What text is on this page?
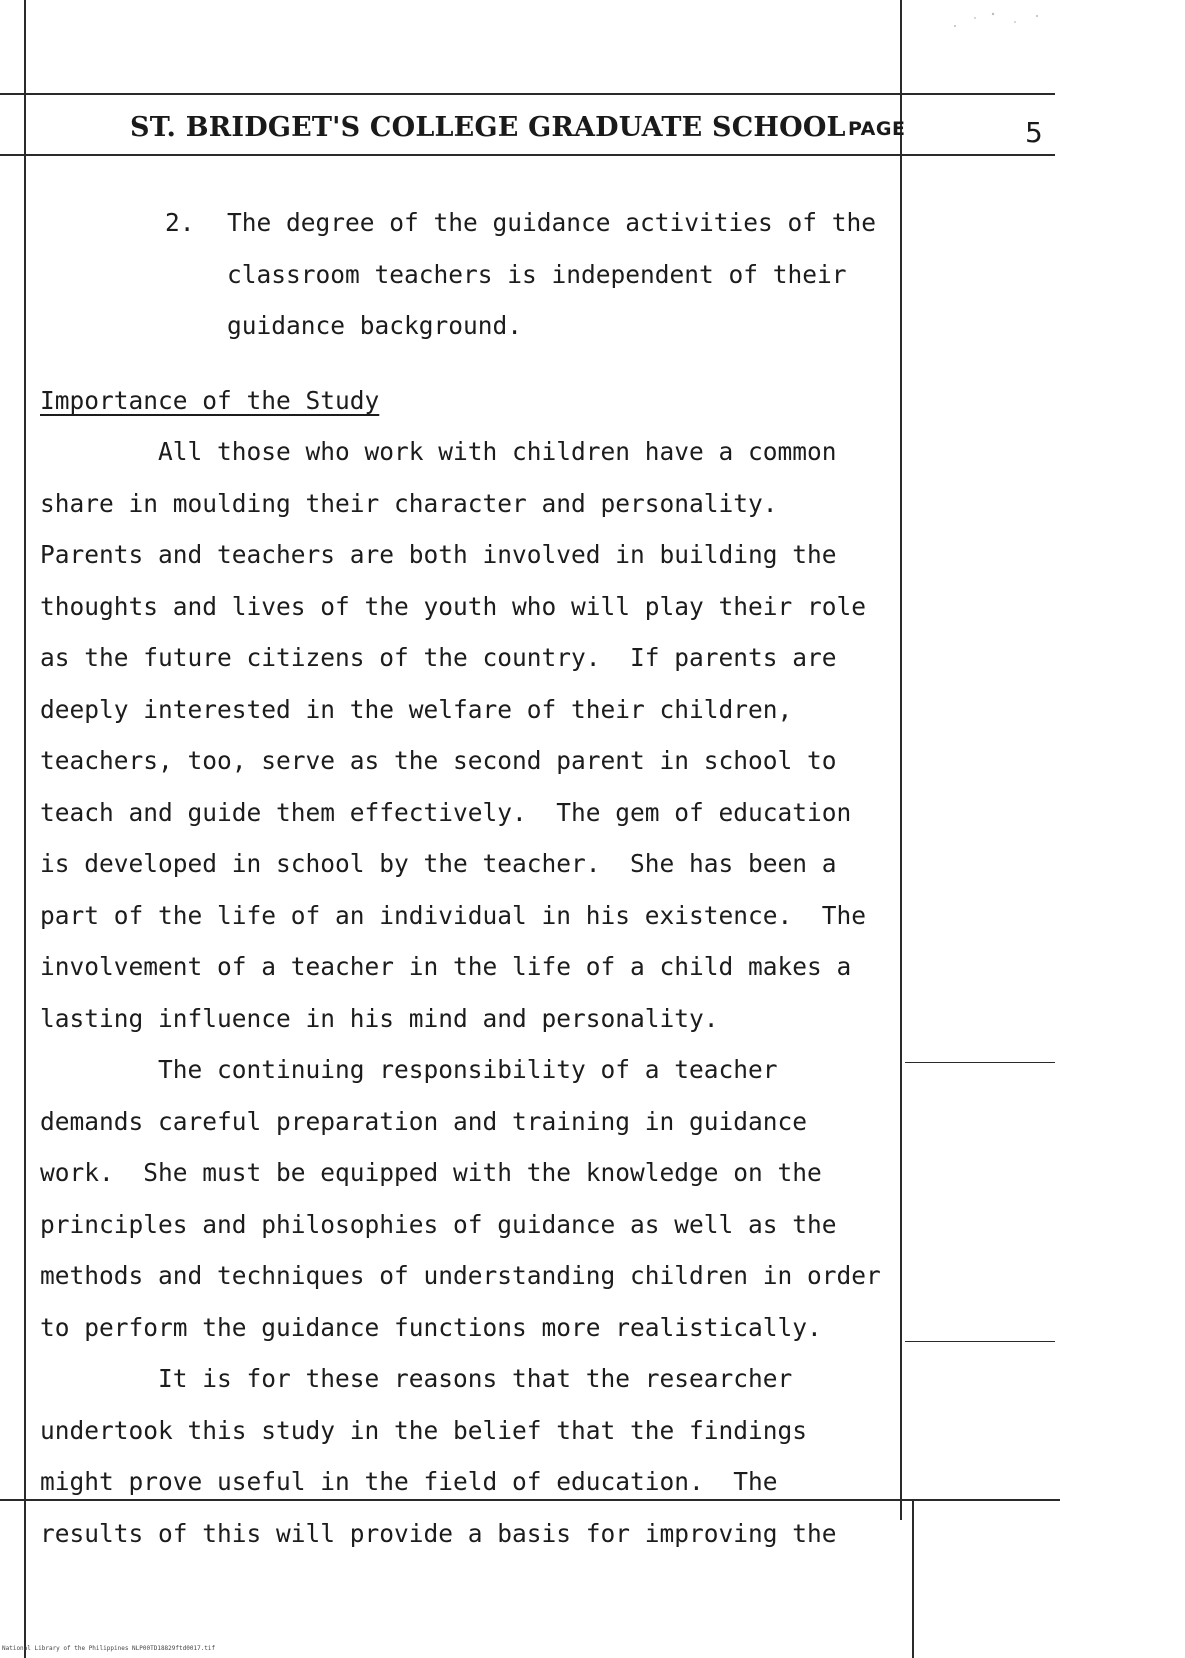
ST. BRIDGET'S COLLEGE GRADUATE SCHOOL PAGE	5
2.	The degree of the guidance activities of the
classroom teachers is independent of their
guidance background.
Importance of the Study
All those who work with children have a common
share in moulding their character and personality.
Parents and teachers are both involved in building the
thoughts and lives of the youth who will play their role
as the future citizens of the country.  If parents are
deeply interested in the welfare of their children,
teachers, too, serve as the second parent in school to
teach and guide them effectively.  The gem of education
is developed in school by the teacher.  She has been a
part of the life of an individual in his existence.  The
involvement of a teacher in the life of a child makes a
lasting influence in his mind and personality.
The continuing responsibility of a teacher
demands careful preparation and training in guidance
work.  She must be equipped with the knowledge on the
principles and philosophies of guidance as well as the
methods and techniques of understanding children in order
to perform the guidance functions more realistically.
It is for these reasons that the researcher
undertook this study in the belief that the findings
might prove useful in the field of education.  The
results of this will provide a basis for improving the
National Library of the Philippines NLP00TD18829ftd0017.tif
